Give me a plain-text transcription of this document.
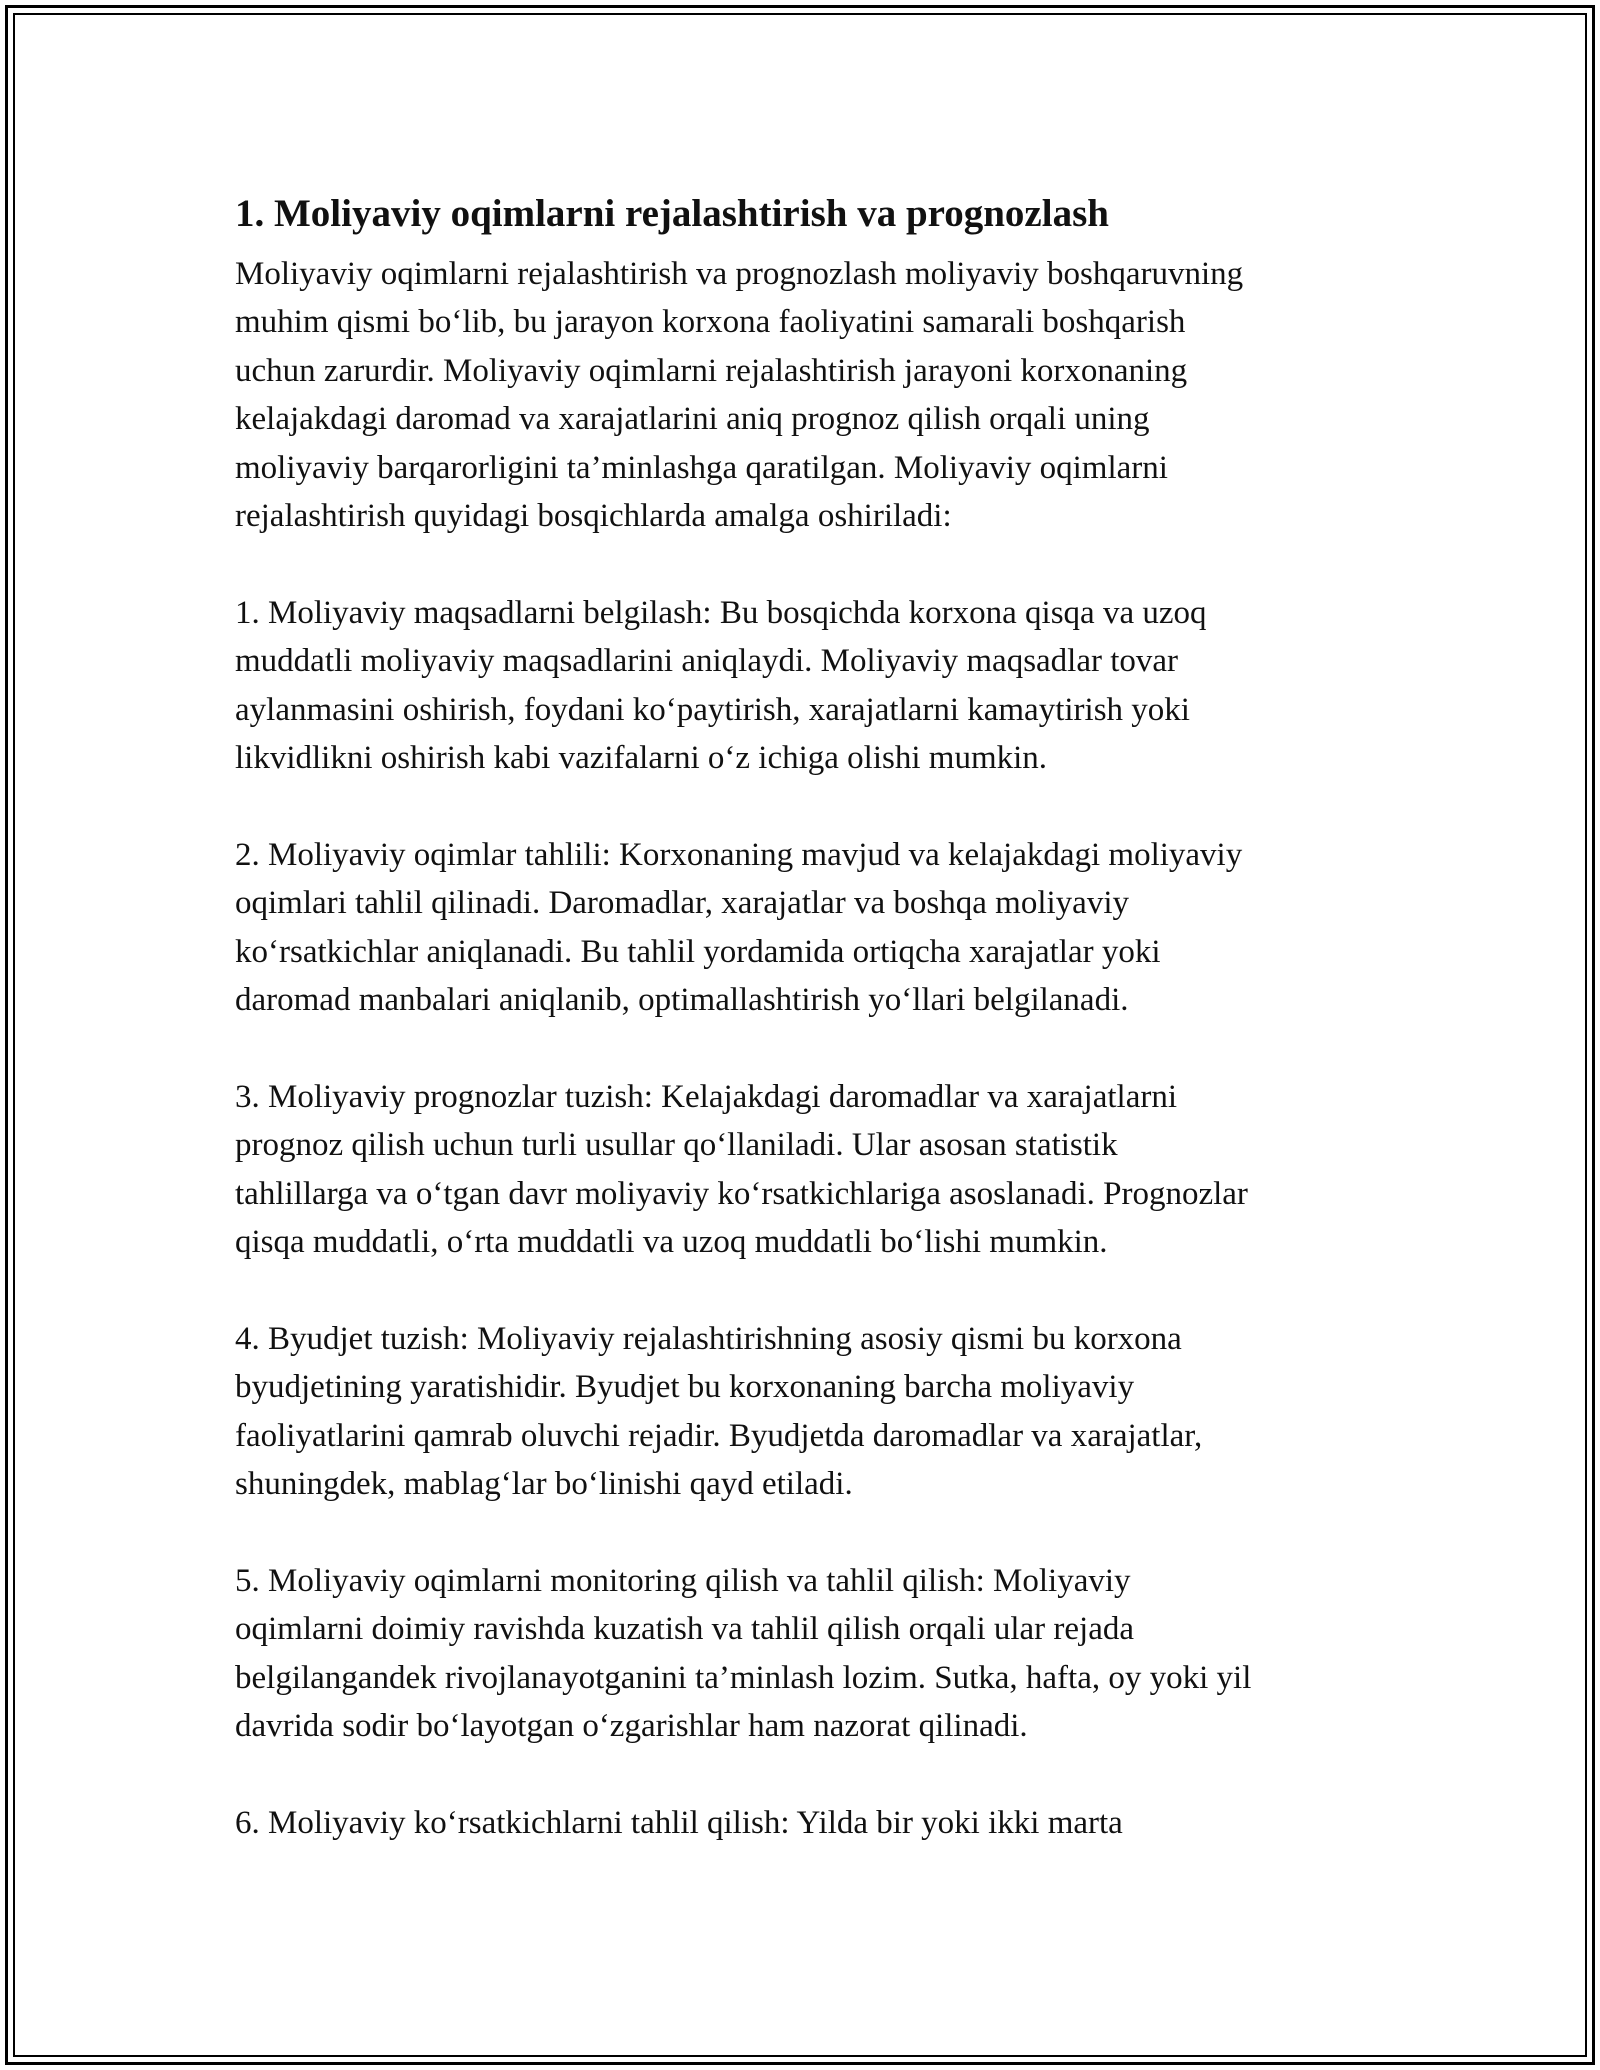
1. Moliyaviy oqimlarni rejalashtirish va prognozlash
Moliyaviy oqimlarni rejalashtirish va prognozlash moliyaviy boshqaruvning
muhim qismi bo‘lib, bu jarayon korxona faoliyatini samarali boshqarish
uchun zarurdir. Moliyaviy oqimlarni rejalashtirish jarayoni korxonaning
kelajakdagi daromad va xarajatlarini aniq prognoz qilish orqali uning
moliyaviy barqarorligini ta’minlashga qaratilgan. Moliyaviy oqimlarni
rejalashtirish quyidagi bosqichlarda amalga oshiriladi:
1. Moliyaviy maqsadlarni belgilash: Bu bosqichda korxona qisqa va uzoq
muddatli moliyaviy maqsadlarini aniqlaydi. Moliyaviy maqsadlar tovar
aylanmasini oshirish, foydani ko‘paytirish, xarajatlarni kamaytirish yoki
likvidlikni oshirish kabi vazifalarni o‘z ichiga olishi mumkin.
2. Moliyaviy oqimlar tahlili: Korxonaning mavjud va kelajakdagi moliyaviy
oqimlari tahlil qilinadi. Daromadlar, xarajatlar va boshqa moliyaviy
ko‘rsatkichlar aniqlanadi. Bu tahlil yordamida ortiqcha xarajatlar yoki
daromad manbalari aniqlanib, optimallashtirish yo‘llari belgilanadi.
3. Moliyaviy prognozlar tuzish: Kelajakdagi daromadlar va xarajatlarni
prognoz qilish uchun turli usullar qo‘llaniladi. Ular asosan statistik
tahlillarga va o‘tgan davr moliyaviy ko‘rsatkichlariga asoslanadi. Prognozlar
qisqa muddatli, o‘rta muddatli va uzoq muddatli bo‘lishi mumkin.
4. Byudjet tuzish: Moliyaviy rejalashtirishning asosiy qismi bu korxona
byudjetining yaratishidir. Byudjet bu korxonaning barcha moliyaviy
faoliyatlarini qamrab oluvchi rejadir. Byudjetda daromadlar va xarajatlar,
shuningdek, mablag‘lar bo‘linishi qayd etiladi.
5. Moliyaviy oqimlarni monitoring qilish va tahlil qilish: Moliyaviy
oqimlarni doimiy ravishda kuzatish va tahlil qilish orqali ular rejada
belgilangandek rivojlanayotganini ta’minlash lozim. Sutka, hafta, oy yoki yil
davrida sodir bo‘layotgan o‘zgarishlar ham nazorat qilinadi.
6. Moliyaviy ko‘rsatkichlarni tahlil qilish: Yilda bir yoki ikki marta
